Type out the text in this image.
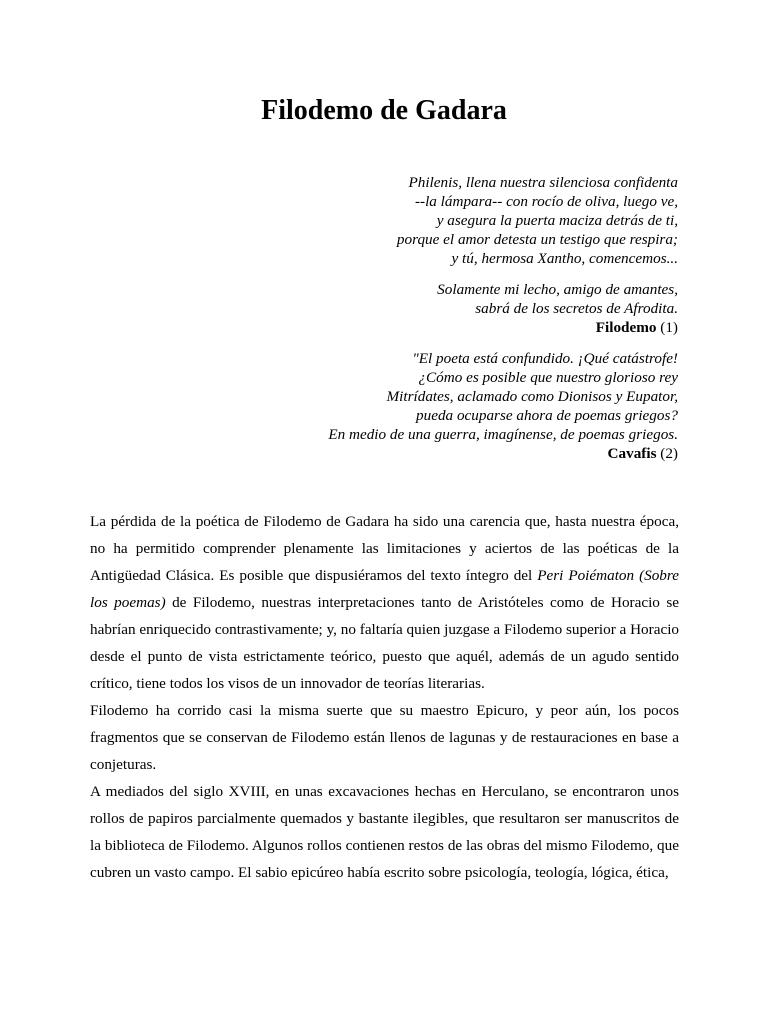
Filodemo de Gadara
Philenis, llena nuestra silenciosa confidenta
--la lámpara-- con rocío de oliva, luego ve,
y asegura la puerta maciza detrás de ti,
porque el amor detesta un testigo que respira;
y tú, hermosa Xantho, comencemos...
Solamente mi lecho, amigo de amantes,
sabrá de los secretos de Afrodita.
Filodemo (1)
"El poeta está confundido. ¡Qué catástrofe!
¿Cómo es posible que nuestro glorioso rey
Mitrídates, aclamado como Dionisos y Eupator,
pueda ocuparse ahora de poemas griegos?
En medio de una guerra, imagínense, de poemas griegos.
Cavafis (2)

La pérdida de la poética de Filodemo de Gadara ha sido una carencia que, hasta nuestra época, no ha permitido comprender plenamente las limitaciones y aciertos de las poéticas de la Antigüedad Clásica. Es posible que dispusiéramos del texto íntegro del Peri Poiématon (Sobre los poemas) de Filodemo, nuestras interpretaciones tanto de Aristóteles como de Horacio se habrían enriquecido contrastivamente; y, no faltaría quien juzgase a Filodemo superior a Horacio desde el punto de vista estrictamente teórico, puesto que aquél, además de un agudo sentido crítico, tiene todos los visos de un innovador de teorías literarias.

Filodemo ha corrido casi la misma suerte que su maestro Epicuro, y peor aún, los pocos fragmentos que se conservan de Filodemo están llenos de lagunas y de restauraciones en base a conjeturas.

A mediados del siglo XVIII, en unas excavaciones hechas en Herculano, se encontraron unos rollos de papiros parcialmente quemados y bastante ilegibles, que resultaron ser manuscritos de la biblioteca de Filodemo. Algunos rollos contienen restos de las obras del mismo Filodemo, que cubren un vasto campo. El sabio epicúreo había escrito sobre psicología, teología, lógica, ética,
